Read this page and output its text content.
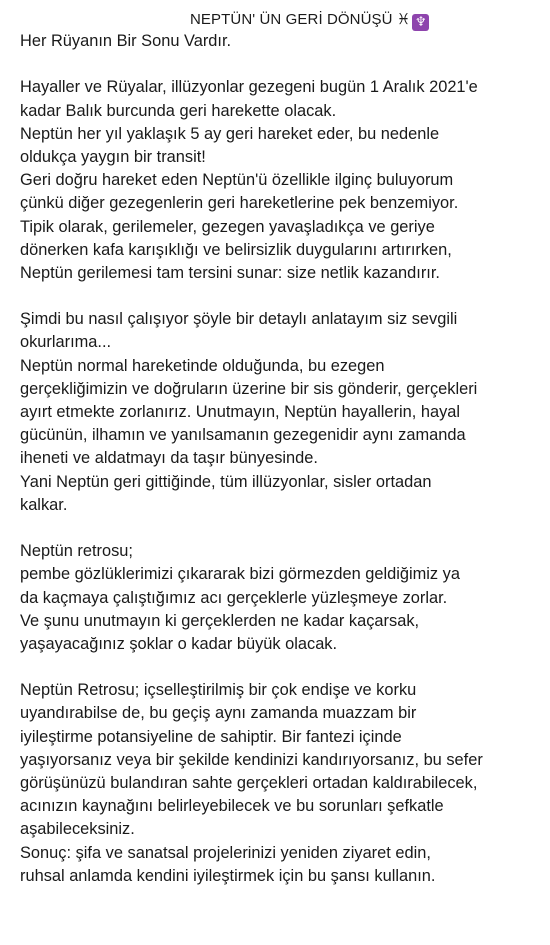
NEPTÜN' ÜN GERİ DÖNÜŞÜ ♓ ♆
Her Rüyanın Bir Sonu Vardır.
Hayaller ve Rüyalar, illüzyonlar gezegeni bugün 1 Aralık 2021'e
kadar Balık burcunda geri harekette olacak.
Neptün her yıl yaklaşık 5 ay geri hareket eder, bu nedenle
oldukça yaygın bir transit!
Geri doğru hareket eden Neptün'ü özellikle ilginç buluyorum
çünkü diğer gezegenlerin geri hareketlerine pek benzemiyor.
Tipik olarak, gerilemeler, gezegen yavaşladıkça ve geriye
dönerken kafa karışıklığı ve belirsizlik duygularını artırırken,
Neptün gerilemesi tam tersini sunar: size netlik kazandırır.
Şimdi bu nasıl çalışıyor şöyle bir detaylı anlatayım siz sevgili
okurlarıma...
Neptün normal hareketinde olduğunda, bu ezegen
gerçekliğimizin ve doğruların üzerine bir sis gönderir, gerçekleri
ayırt etmekte zorlanırız. Unutmayın, Neptün hayallerin, hayal
gücünün, ilhamın ve yanılsamanın gezegenidir aynı zamanda
iheneti ve aldatmayı da taşır bünyesinde.
Yani Neptün geri gittiğinde, tüm illüzyonlar, sisler ortadan
kalkar.
Neptün retrosu;
pembe gözlüklerimizi çıkararak bizi görmezden geldiğimiz ya
da kaçmaya çalıştığımız acı gerçeklerle yüzleşmeye zorlar.
Ve şunu unutmayın ki gerçeklerden ne kadar kaçarsak,
yaşayacağınız şoklar o kadar büyük olacak.
Neptün Retrosu; içselleştirilmiş bir çok endişe ve korku
uyandırabilse de, bu geçiş aynı zamanda muazzam bir
iyileştirme potansiyeline de sahiptir. Bir fantezi içinde
yaşıyorsanız veya bir şekilde kendinizi kandırıyorsanız, bu sefer
görüşünüzü bulandıran sahte gerçekleri ortadan kaldırabilecek,
acınızın kaynağını belirleyebilecek ve bu sorunları şefkatle
aşabileceksiniz.
Sonuç: şifa ve sanatsal projelerinizi yeniden ziyaret edin,
ruhsal anlamda kendini iyileştirmek için bu şansı kullanın.
